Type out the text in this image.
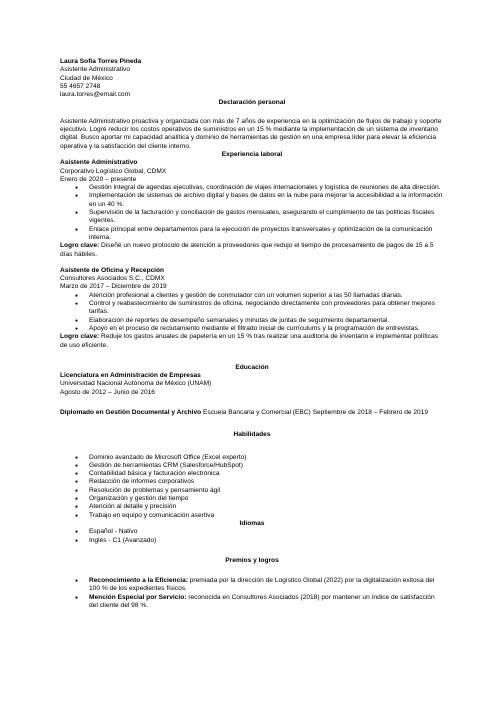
Laura Sofía Torres Pineda

Asistente Administrativo

Ciudad de México

55 4657 2748

laura.torres@email.com

Declaración personal

Asistente Administrativo proactiva y organizada con más de 7 años de experiencia en la optimización de flujos de trabajo y soporte ejecutivo. Logré reducir los costos operativos de suministros en un 15 % mediante la implementación de un sistema de inventario digital. Busco aportar mi capacidad analítica y dominio de herramientas de gestión en una empresa líder para elevar la eficiencia operativa y la satisfacción del cliente interno.

Experiencia laboral

Asistente Administrativo

Corporativo Logístico Global, CDMX

Enero de 2020 – presente

● Gestión integral de agendas ejecutivas, coordinación de viajes internacionales y logística de reuniones de alta dirección.
● Implementación de sistemas de archivo digital y bases de datos en la nube para mejorar la accesibilidad a la información en un 40 %.
● Supervisión de la facturación y conciliación de gastos mensuales, asegurando el cumplimiento de las políticas fiscales vigentes.
● Enlace principal entre departamentos para la ejecución de proyectos transversales y optimización de la comunicación interna.

Logro clave: Diseñé un nuevo protocolo de atención a proveedores que redujo el tiempo de procesamiento de pagos de 15 a 5 días hábiles.

Asistente de Oficina y Recepción

Consultores Asociados S.C., CDMX

Marzo de 2017 – Diciembre de 2019

● Atención profesional a clientes y gestión de conmutador con un volumen superior a las 50 llamadas diarias.
● Control y reabastecimiento de suministros de oficina, negociando directamente con proveedores para obtener mejores tarifas.
● Elaboración de reportes de desempeño semanales y minutas de juntas de seguimiento departamental.
● Apoyo en el proceso de reclutamiento mediante el filtrado inicial de currículums y la programación de entrevistas.

Logro clave: Reduje los gastos anuales de papelería en un 15 % tras realizar una auditoría de inventario e implementar políticas de uso eficiente.

Educación

Licenciatura en Administración de Empresas

Universidad Nacional Autónoma de México (UNAM)

Agosto de 2012 – Junio de 2016

Diplomado en Gestión Documental y Archivo Escuela Bancaria y Comercial (EBC) Septiembre de 2018 – Febrero de 2019

Habilidades

● Dominio avanzado de Microsoft Office (Excel experto)
● Gestión de herramientas CRM (Salesforce/HubSpot)
● Contabilidad básica y facturación electrónica
● Redacción de informes corporativos
● Resolución de problemas y pensamiento ágil
● Organización y gestión del tiempo
● Atención al detalle y precisión
● Trabajo en equipo y comunicación asertiva

Idiomas

● Español - Nativo
● Inglés - C1 (Avanzado)

Premios y logros

● Reconocimiento a la Eficiencia: premiada por la dirección de Logístico Global (2022) por la digitalización exitosa del 100 % de los expedientes físicos.
● Mención Especial por Servicio: reconocida en Consultores Asociados (2018) por mantener un índice de satisfacción del cliente del 98 %.
